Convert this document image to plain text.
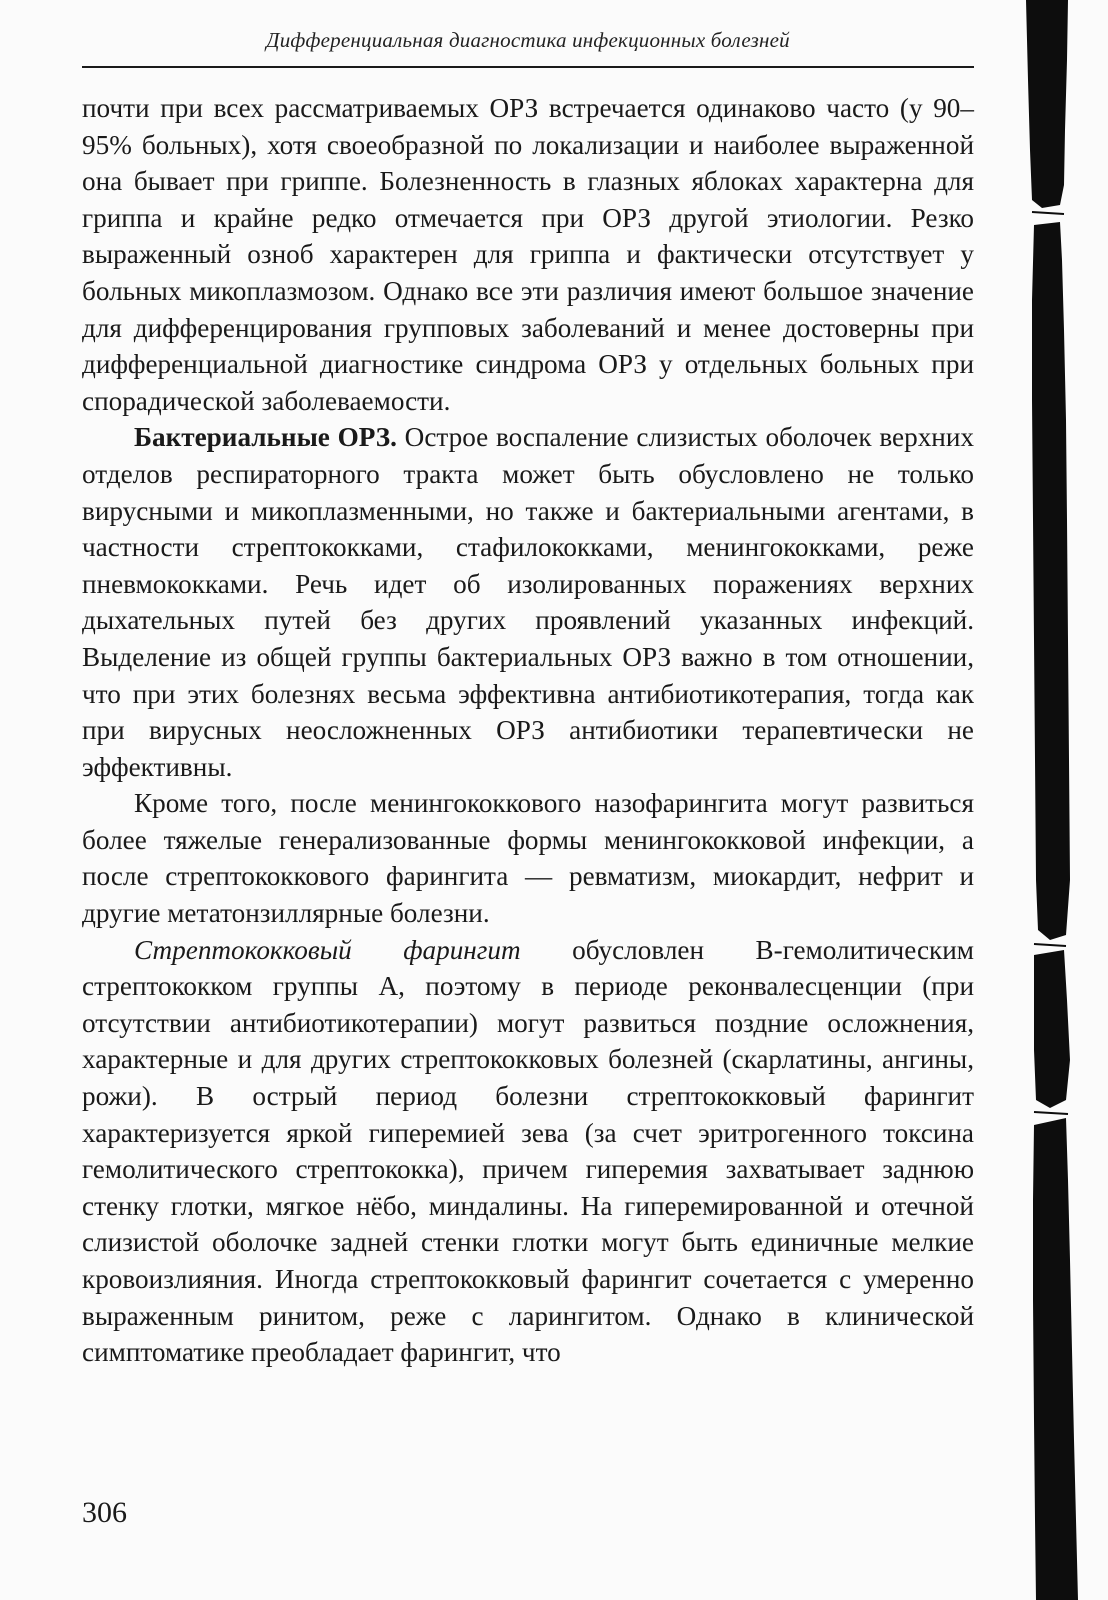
Дифференциальная диагностика инфекционных болезней

почти при всех рассматриваемых ОРЗ встречается одинаково часто (у 90–95% больных), хотя своеобразной по локализации и наиболее выраженной она бывает при гриппе. Болезненность в глазных яблоках характерна для гриппа и крайне редко отмечается при ОРЗ другой этиологии. Резко выраженный озноб характерен для гриппа и фактически отсутствует у больных микоплазмозом. Однако все эти различия имеют большое значение для дифференцирования групповых заболеваний и менее достоверны при дифференциальной диагностике синдрома ОРЗ у отдельных больных при спорадической заболеваемости.

Бактериальные ОРЗ. Острое воспаление слизистых оболочек верхних отделов респираторного тракта может быть обусловлено не только вирусными и микоплазменными, но также и бактериальными агентами, в частности стрептококками, стафилококками, менингококками, реже пневмококками. Речь идет об изолированных поражениях верхних дыхательных путей без других проявлений указанных инфекций. Выделение из общей группы бактериальных ОРЗ важно в том отношении, что при этих болезнях весьма эффективна антибиотикотерапия, тогда как при вирусных неосложненных ОРЗ антибиотики терапевтически не эффективны.

Кроме того, после менингококкового назофарингита могут развиться более тяжелые генерализованные формы менингококковой инфекции, а после стрептококкового фарингита — ревматизм, миокардит, нефрит и другие метатонзиллярные болезни.

Стрептококковый фарингит обусловлен В-гемолитическим стрептококком группы А, поэтому в периоде реконвалесценции (при отсутствии антибиотикотерапии) могут развиться поздние осложнения, характерные и для других стрептококковых болезней (скарлатины, ангины, рожи). В острый период болезни стрептококковый фарингит характеризуется яркой гиперемией зева (за счет эритрогенного токсина гемолитического стрептококка), причем гиперемия захватывает заднюю стенку глотки, мягкое нёбо, миндалины. На гиперемированной и отечной слизистой оболочке задней стенки глотки могут быть единичные мелкие кровоизлияния. Иногда стрептококковый фарингит сочетается с умеренно выраженным ринитом, реже с ларингитом. Однако в клинической симптоматике преобладает фарингит, что

306
